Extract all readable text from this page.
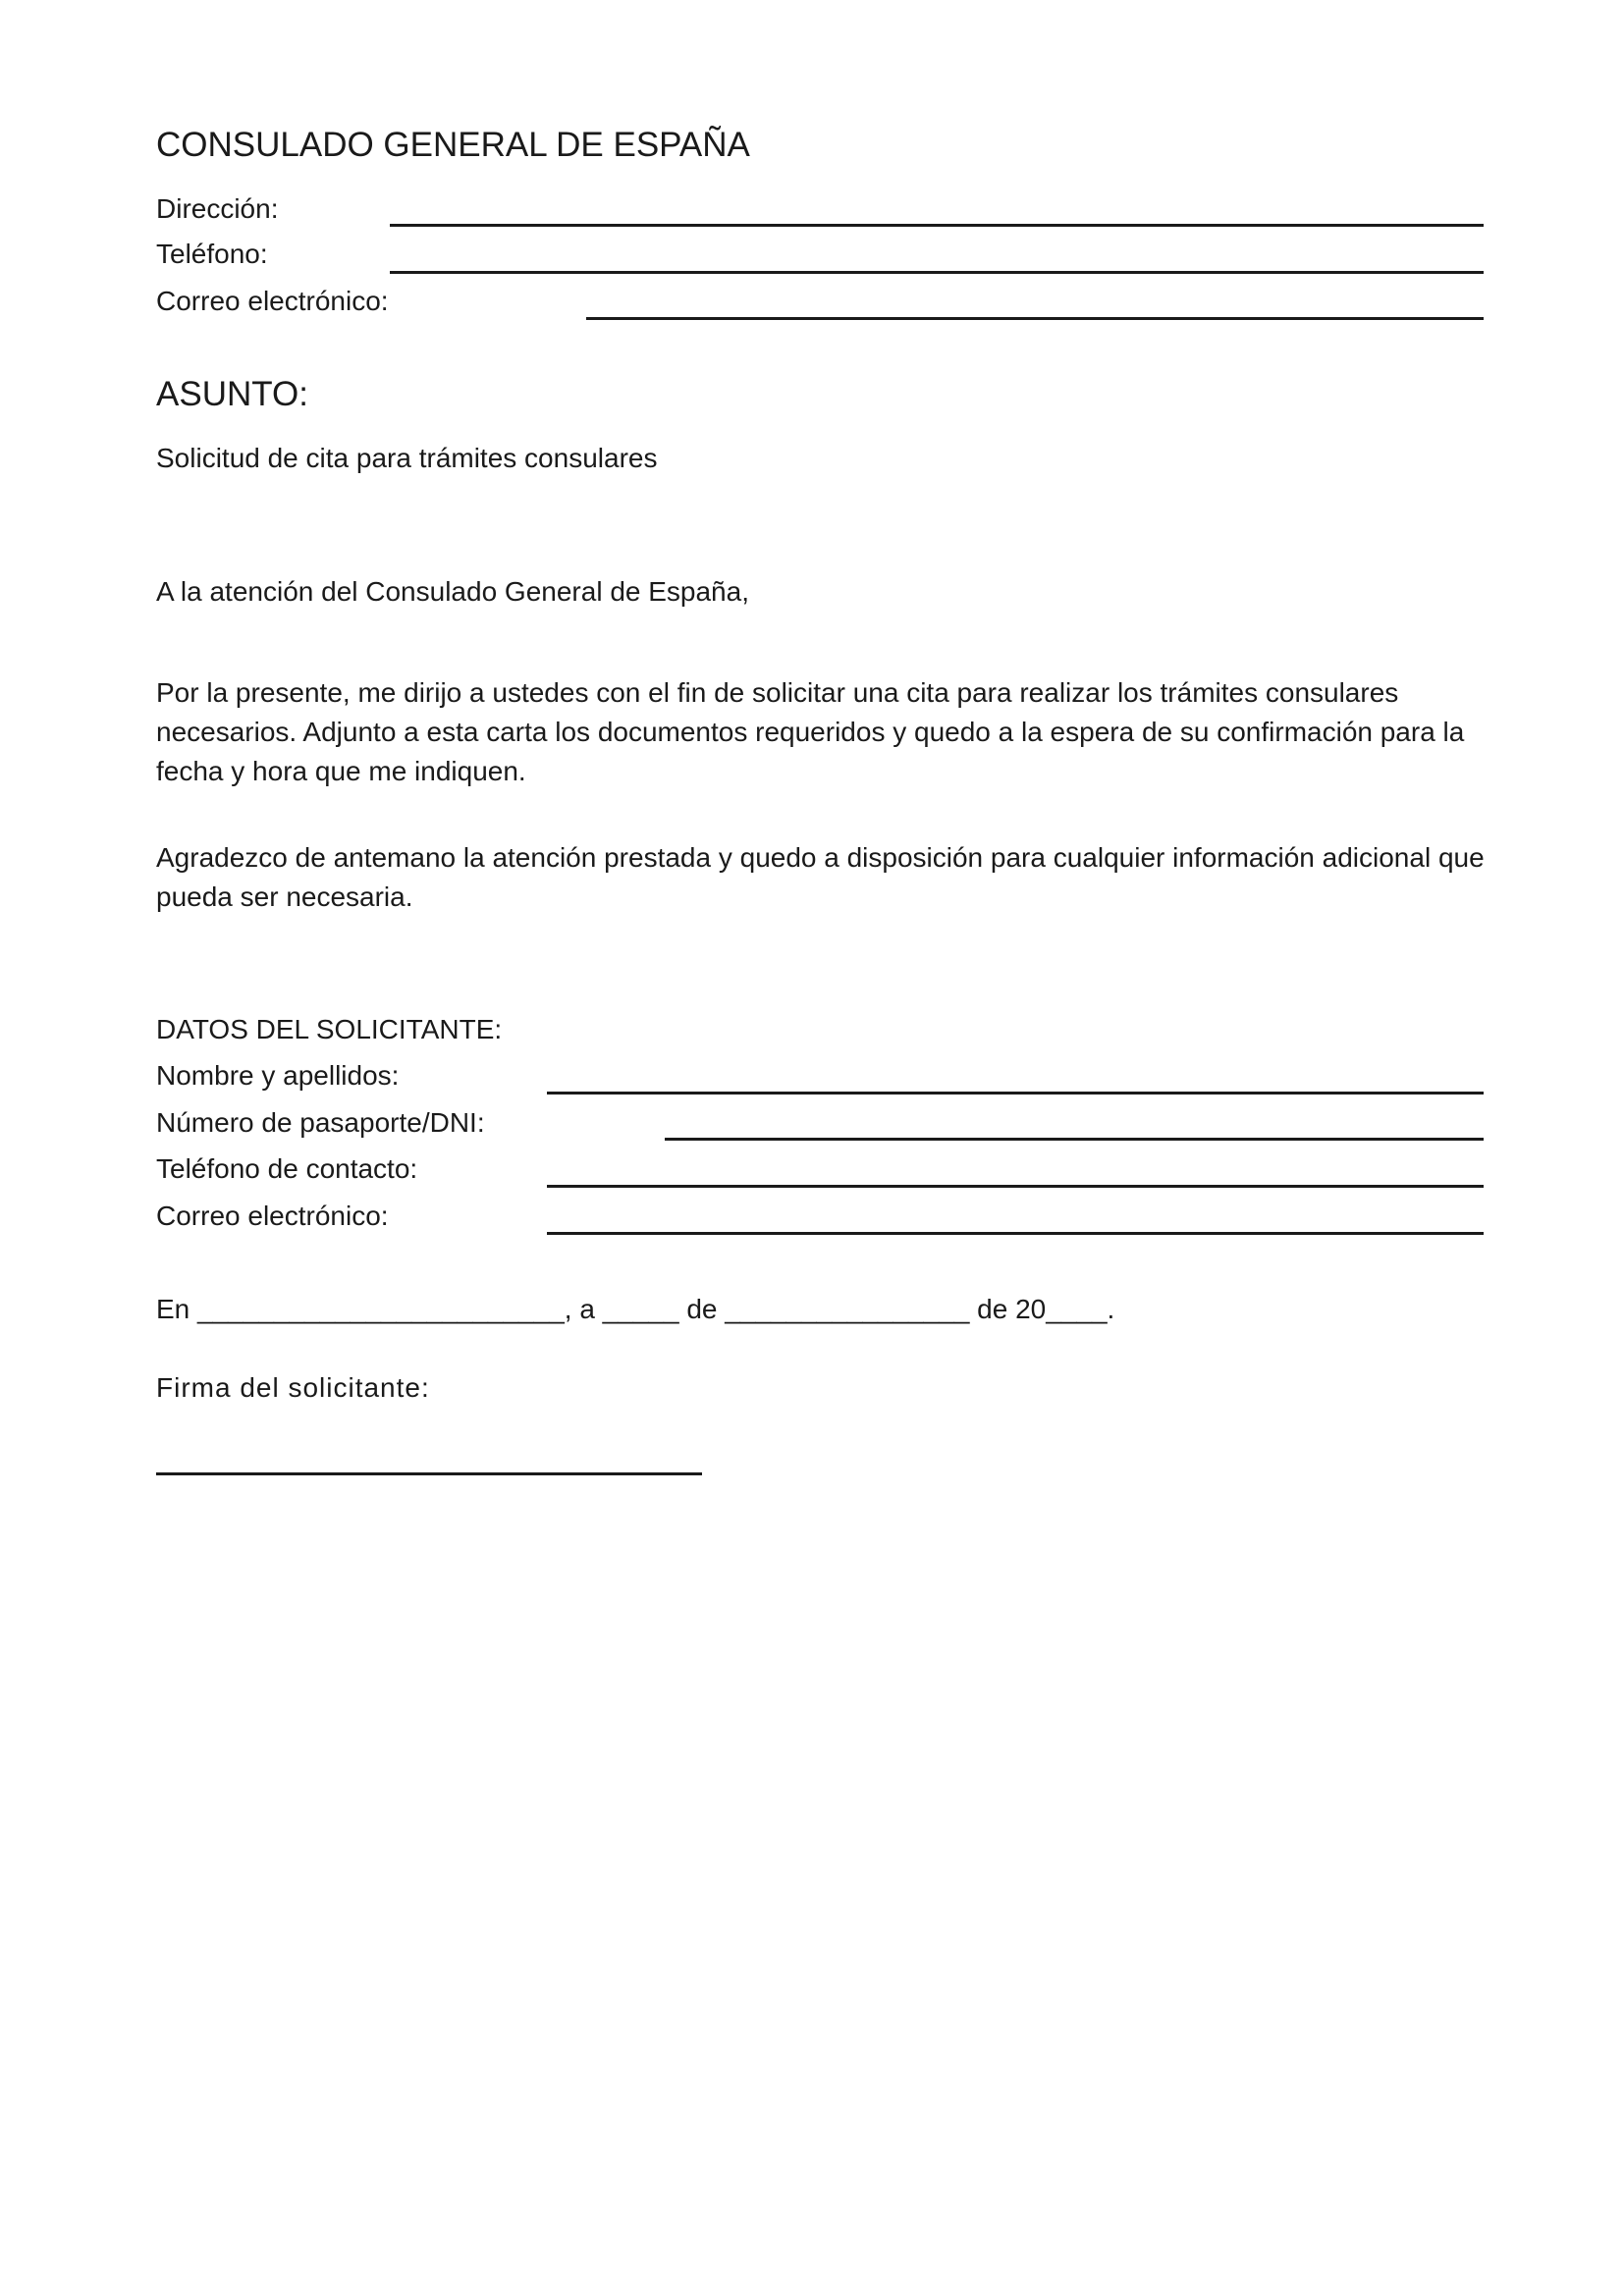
CONSULADO GENERAL DE ESPAÑA
Dirección:
Teléfono:
Correo electrónico:
ASUNTO:
Solicitud de cita para trámites consulares
A la atención del Consulado General de España,
Por la presente, me dirijo a ustedes con el fin de solicitar una cita para realizar los trámites consulares necesarios. Adjunto a esta carta los documentos requeridos y quedo a la espera de su confirmación para la fecha y hora que me indiquen.
Agradezco de antemano la atención prestada y quedo a disposición para cualquier información adicional que pueda ser necesaria.
DATOS DEL SOLICITANTE:
Nombre y apellidos:
Número de pasaporte/DNI:
Teléfono de contacto:
Correo electrónico:
En ________________________, a _____ de ________________ de 20____.
Firma del solicitante:
